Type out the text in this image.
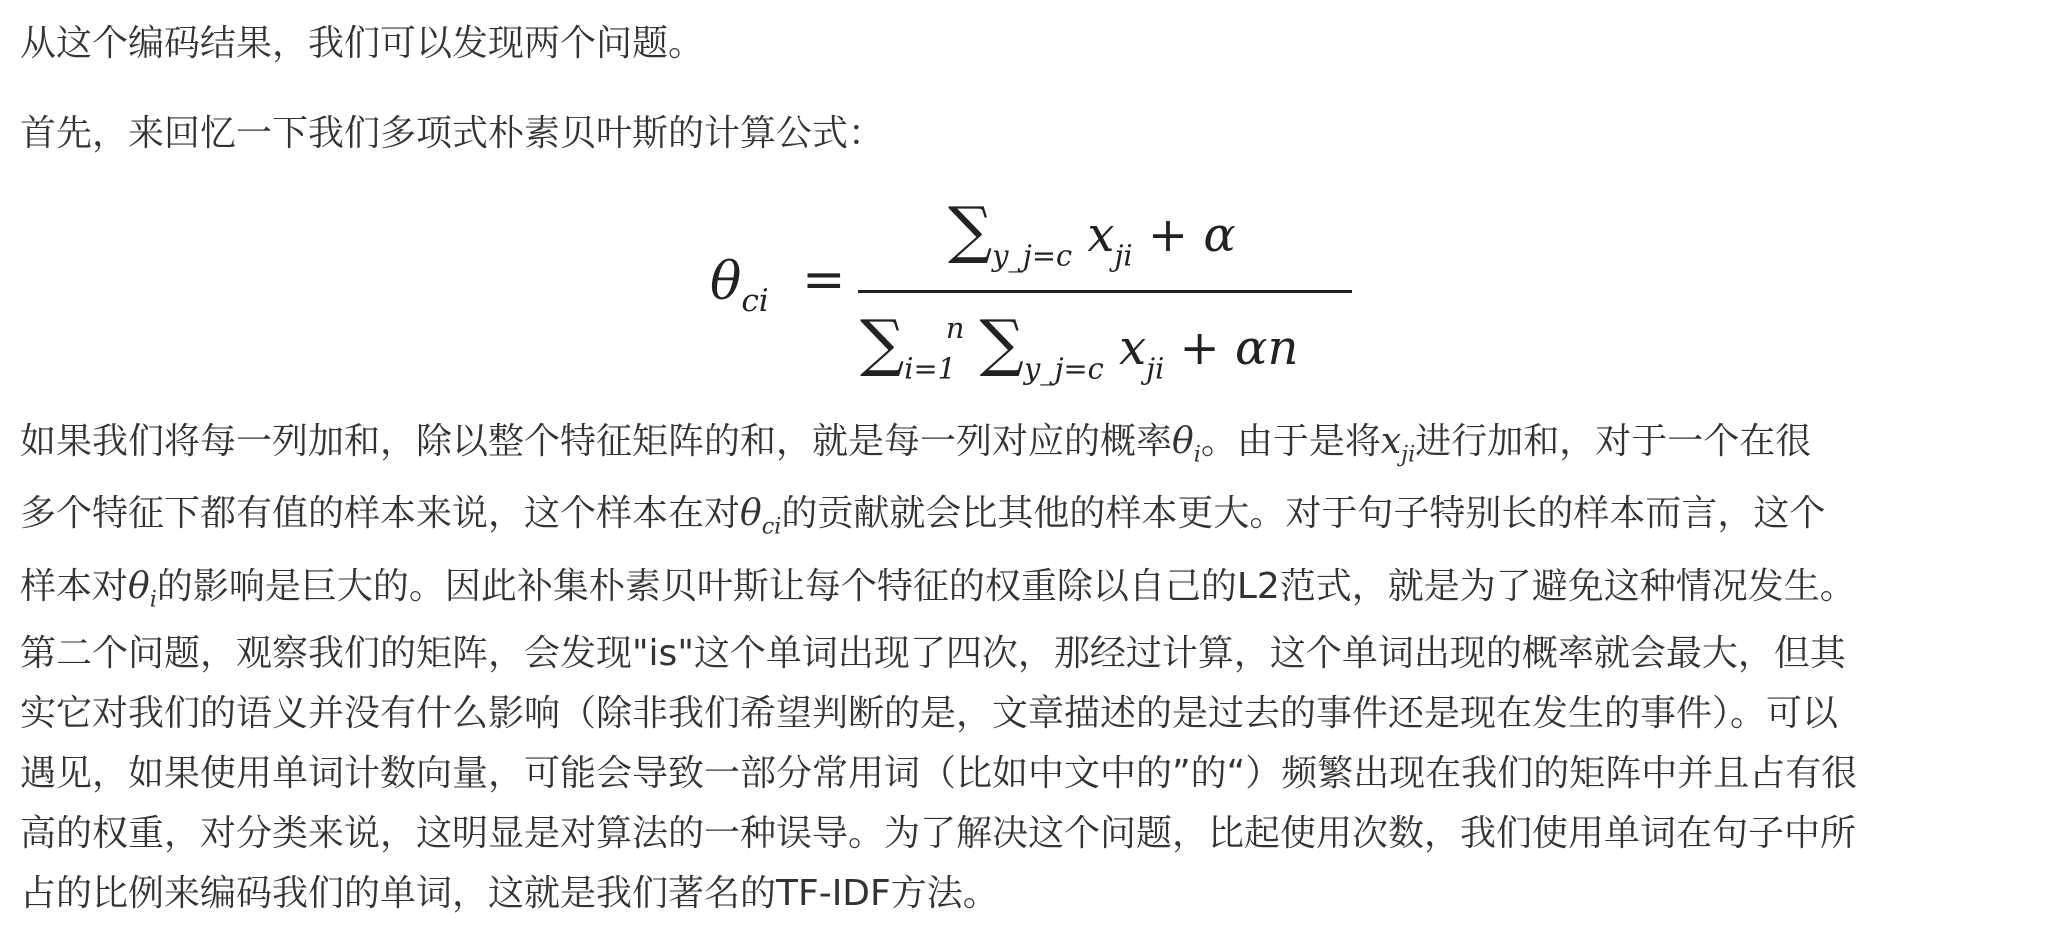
从这个编码结果，我们可以发现两个问题。

首先，来回忆一下我们多项式朴素贝叶斯的计算公式：

$\theta_{ci}$ =
$\sum_{y\_j=c}$ $x_{ji} + \alpha$
$\sum_{i=1}^n$ $\sum_{y\_j=c}$ $x_{ji} + \alpha n$
如果我们将每一列加和，除以整个特征矩阵的和，就是每一列对应的概率$\theta_i$。由于是将$x_{ji}$进行加和，对于一个在很
多个特征下都有值的样本来说，这个样本在对$\theta_{ci}$的贡献就会比其他的样本更大。对于句子特别长的样本而言，这个
样本对$\theta_i$的影响是巨大的。因此补集朴素贝叶斯让每个特征的权重除以自己的L2范式，就是为了避免这种情况发生。
第二个问题，观察我们的矩阵，会发现"is"这个单词出现了四次，那经过计算，这个单词出现的概率就会最大，但其
实它对我们的语义并没有什么影响（除非我们希望判断的是，文章描述的是过去的事件还是现在发生的事件）。可以
遇见，如果使用单词计数向量，可能会导致一部分常用词（比如中文中的”的“）频繁出现在我们的矩阵中并且占有很
高的权重，对分类来说，这明显是对算法的一种误导。为了解决这个问题，比起使用次数，我们使用单词在句子中所
占的比例来编码我们的单词，这就是我们著名的TF-IDF方法。
